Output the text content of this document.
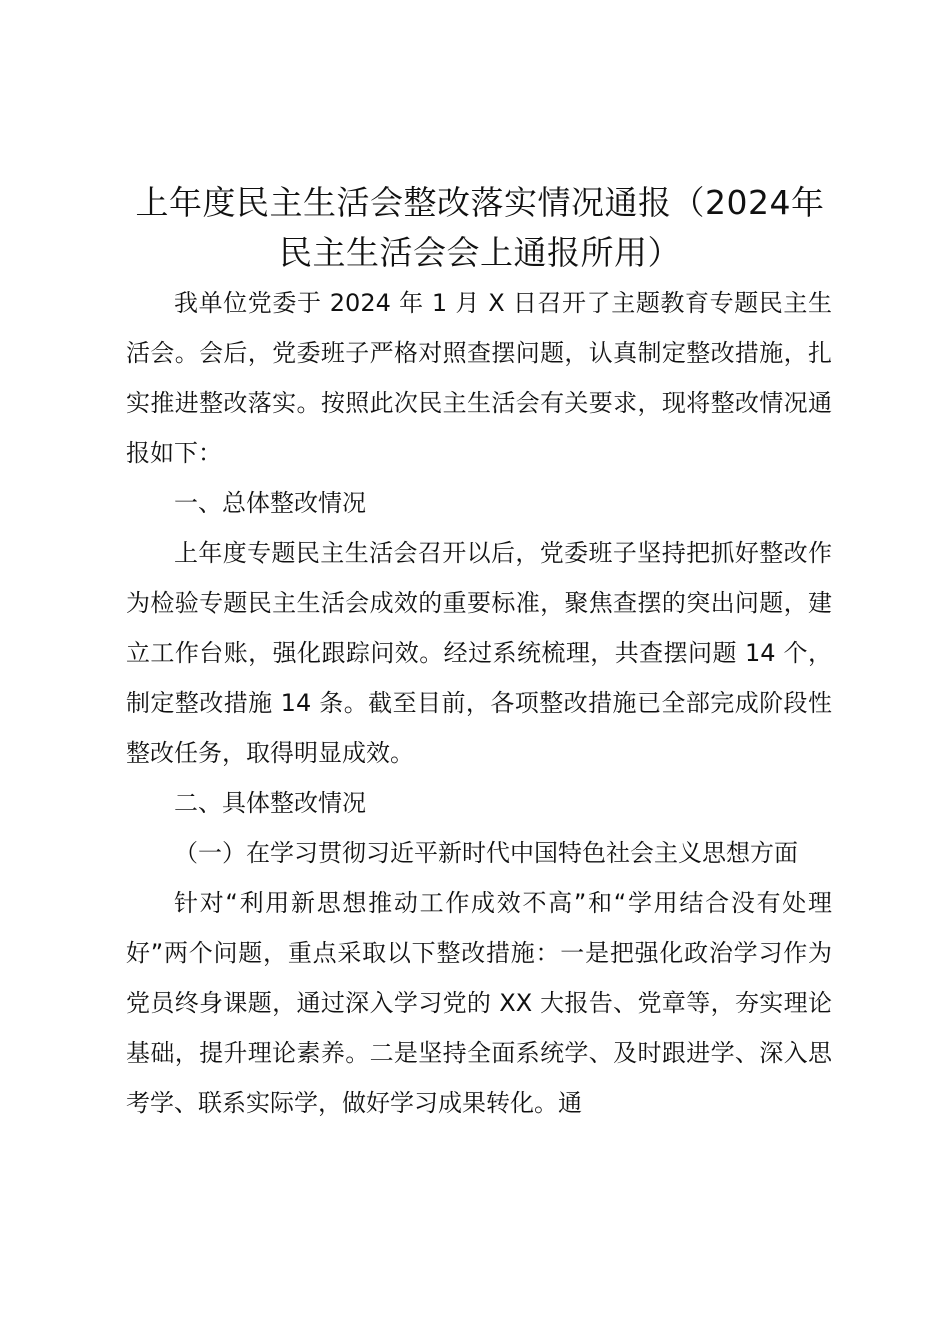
上年度民主生活会整改落实情况通报（2024年民主生活会会上通报所用）

我单位党委于 2024 年 1 月 X 日召开了主题教育专题民主生活会。会后，党委班子严格对照查摆问题，认真制定整改措施，扎实推进整改落实。按照此次民主生活会有关要求，现将整改情况通报如下：

一、总体整改情况

上年度专题民主生活会召开以后，党委班子坚持把抓好整改作为检验专题民主生活会成效的重要标准，聚焦查摆的突出问题，建立工作台账，强化跟踪问效。经过系统梳理，共查摆问题 14 个，制定整改措施 14 条。截至目前，各项整改措施已全部完成阶段性整改任务，取得明显成效。

二、具体整改情况

（一）在学习贯彻习近平新时代中国特色社会主义思想方面

针对“利用新思想推动工作成效不高”和“学用结合没有处理好”两个问题，重点采取以下整改措施：一是把强化政治学习作为党员终身课题，通过深入学习党的 XX 大报告、党章等，夯实理论基础，提升理论素养。二是坚持全面系统学、及时跟进学、深入思考学、联系实际学，做好学习成果转化。通
